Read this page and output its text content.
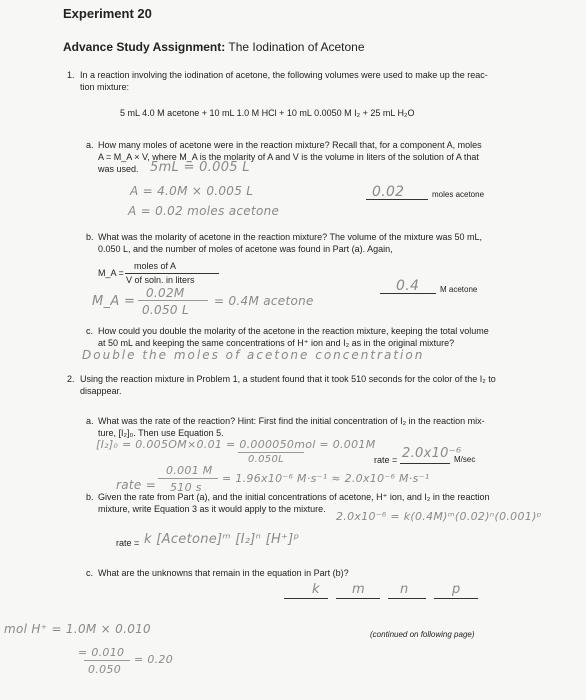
Experiment 20
Advance Study Assignment: The Iodination of Acetone
1. In a reaction involving the iodination of acetone, the following volumes were used to make up the reac-
tion mixture:
5 mL 4.0 M acetone + 10 mL 1.0 M HCl + 10 mL 0.0050 M I₂ + 25 mL H₂O
a. How many moles of acetone were in the reaction mixture? Recall that, for a component A, moles
A = M_A × V, where M_A is the molarity of A and V is the volume in liters of the solution of A that
was used. 5mL = 0.005 L
A = 4.0M × 0.005 L
A = 0.02 moles acetone
0.02	moles acetone
b. What was the molarity of acetone in the reaction mixture? The volume of the mixture was 50 mL,
0.050 L, and the number of moles of acetone was found in Part (a). Again,
M_A =
moles of A
V of soln. in liters
M_A =
0.02M
0.050 L
= 0.4M acetone
0.4	M acetone
c. How could you double the molarity of the acetone in the reaction mixture, keeping the total volume
at 50 mL and keeping the same concentrations of H⁺ ion and I₂ as in the original mixture?
Double the moles of acetone concentration
2. Using the reaction mixture in Problem 1, a student found that it took 510 seconds for the color of the I₂ to
disappear.
a. What was the rate of the reaction? Hint: First find the initial concentration of I₂ in the reaction mix-
ture, [I₂]₀. Then use Equation 5.
[I₂]₀ = 0.005OM×0.01 = 0.000050mol = 0.001M
0.050L	rate = 2.0x10⁻⁶
M/sec
rate =
0.001 M
510 s
= 1.96x10⁻⁶ M·s⁻¹ ≈ 2.0x10⁻⁶ M·s⁻¹
b. Given the rate from Part (a), and the initial concentrations of acetone, H⁺ ion, and I₂ in the reaction
mixture, write Equation 3 as it would apply to the mixture.
2.0x10⁻⁶ = k(0.4M)ᵐ(0.02)ⁿ(0.001)ᵖ
rate = k [Acetone]ᵐ [I₂]ⁿ [H⁺]ᵖ
c. What are the unknowns that remain in the equation in Part (b)?
k m	n	p
mol H⁺ = 1.0M × 0.010
= 0.010
0.050
= 0.20
(continued on following page)
